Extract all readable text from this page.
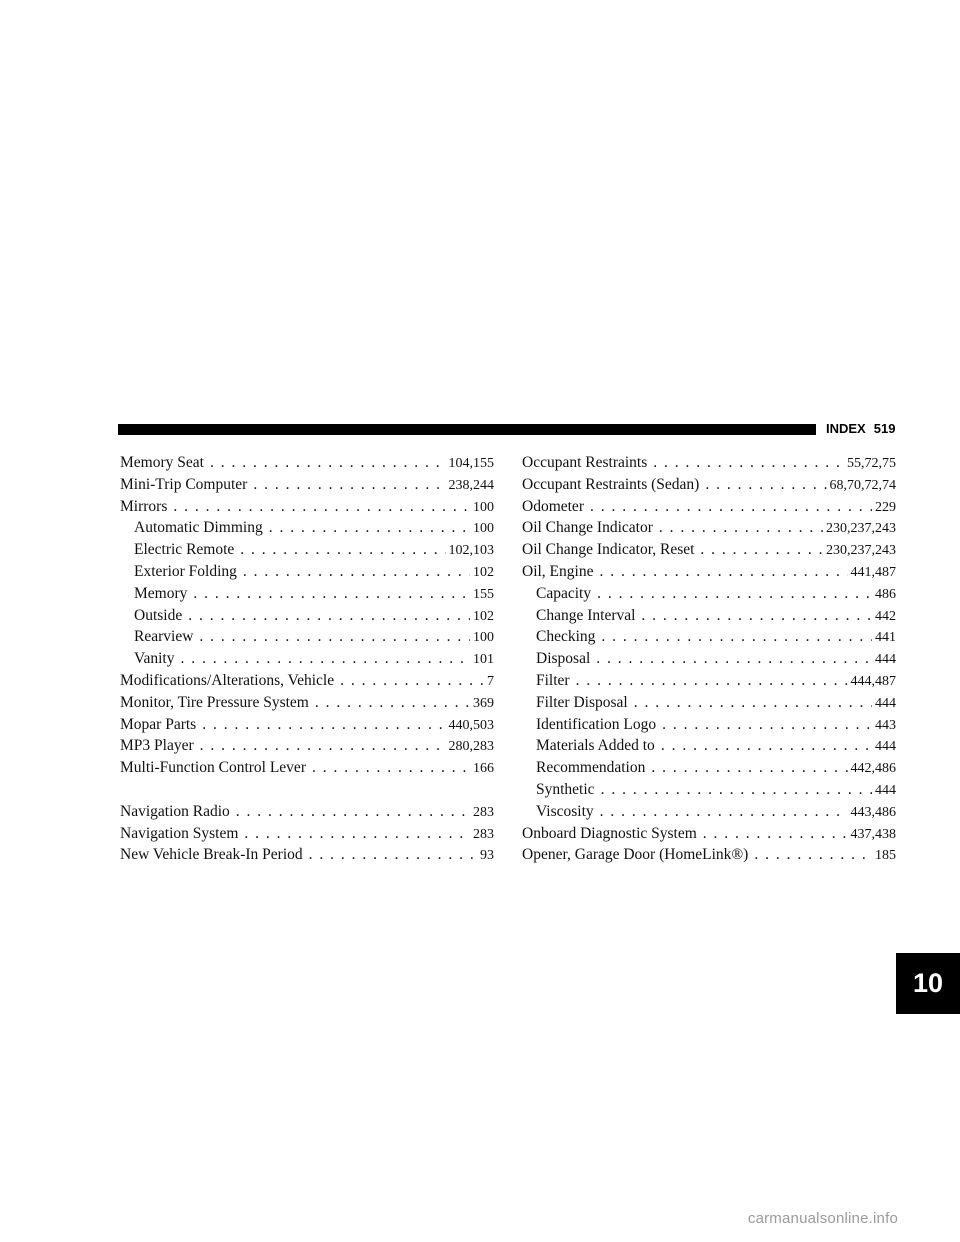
INDEX 519
Memory Seat . . .	104,155
Mini-Trip Computer . . .	238,244
Mirrors . . .	100
Automatic Dimming . . .	100
Electric Remote . . .	102,103
Exterior Folding . . .	102
Memory . . .	155
Outside . . .	102
Rearview . . .	100
Vanity . . .	101
Modifications/Alterations, Vehicle . . .	7
Monitor, Tire Pressure System . . .	369
Mopar Parts . . .	440,503
MP3 Player . . .	280,283
Multi-Function Control Lever . . .	166
Navigation Radio . . .	283
Navigation System . . .	283
New Vehicle Break-In Period . . .	93
Occupant Restraints . . .	55,72,75
Occupant Restraints (Sedan) . . .	68,70,72,74
Odometer . . .	229
Oil Change Indicator . . .	230,237,243
Oil Change Indicator, Reset . . .	230,237,243
Oil, Engine . . .	441,487
Capacity . . .	486
Change Interval . . .	442
Checking . . .	441
Disposal . . .	444
Filter . . .	444,487
Filter Disposal . . .	444
Identification Logo . . .	443
Materials Added to . . .	444
Recommendation . . .	442,486
Synthetic . . .	444
Viscosity . . .	443,486
Onboard Diagnostic System . . .	437,438
Opener, Garage Door (HomeLink®) . . .	185
10
carmanualsonline.info
